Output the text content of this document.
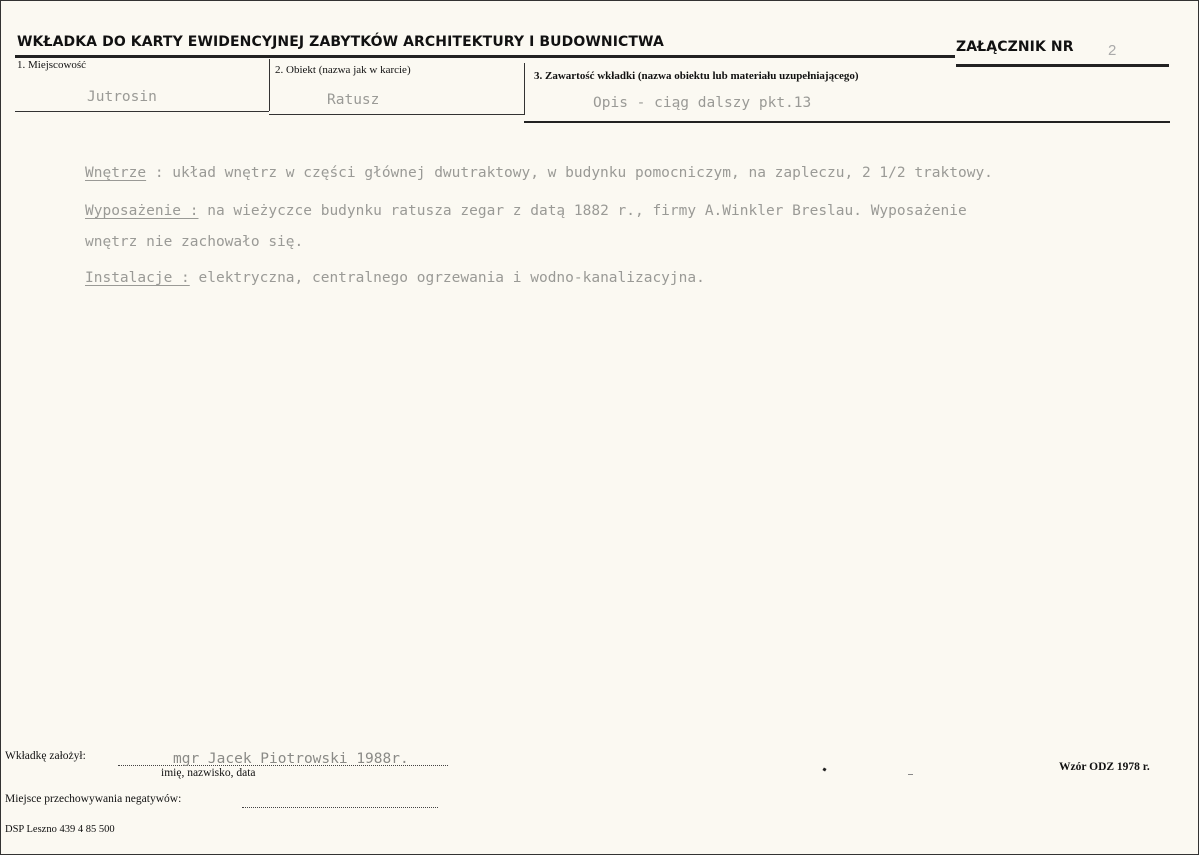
WKŁADKA DO KARTY EWIDENCYJNEJ ZABYTKÓW ARCHITEKTURY I BUDOWNICTWA	ZAŁĄCZNIK NR 2
1. Miejscowość
Jutrosin
2. Obiekt (nazwa jak w karcie)
Ratusz
3. Zawartość wkładki (nazwa obiektu lub materiału uzupełniającego)
Opis - ciąg dalszy pkt.13
Wnętrze : układ wnętrz w części głównej dwutraktowy, w budynku pomocniczym, na zapleczu, 2 1/2 traktowy.
Wyposażenie : na wieżyczce budynku ratusza zegar z datą 1882 r., firmy A.Winkler Breslau. Wyposażenie
wnętrz nie zachowało się.
Instalacje : elektryczna, centralnego ogrzewania i wodno-kanalizacyjna.
Wkładkę założył:	mgr Jacek Piotrowski 1988r.
imię, nazwisko, data
Miejsce przechowywania negatywów:
Wzór ODZ 1978 r.
DSP Leszno 439 4 85 500
